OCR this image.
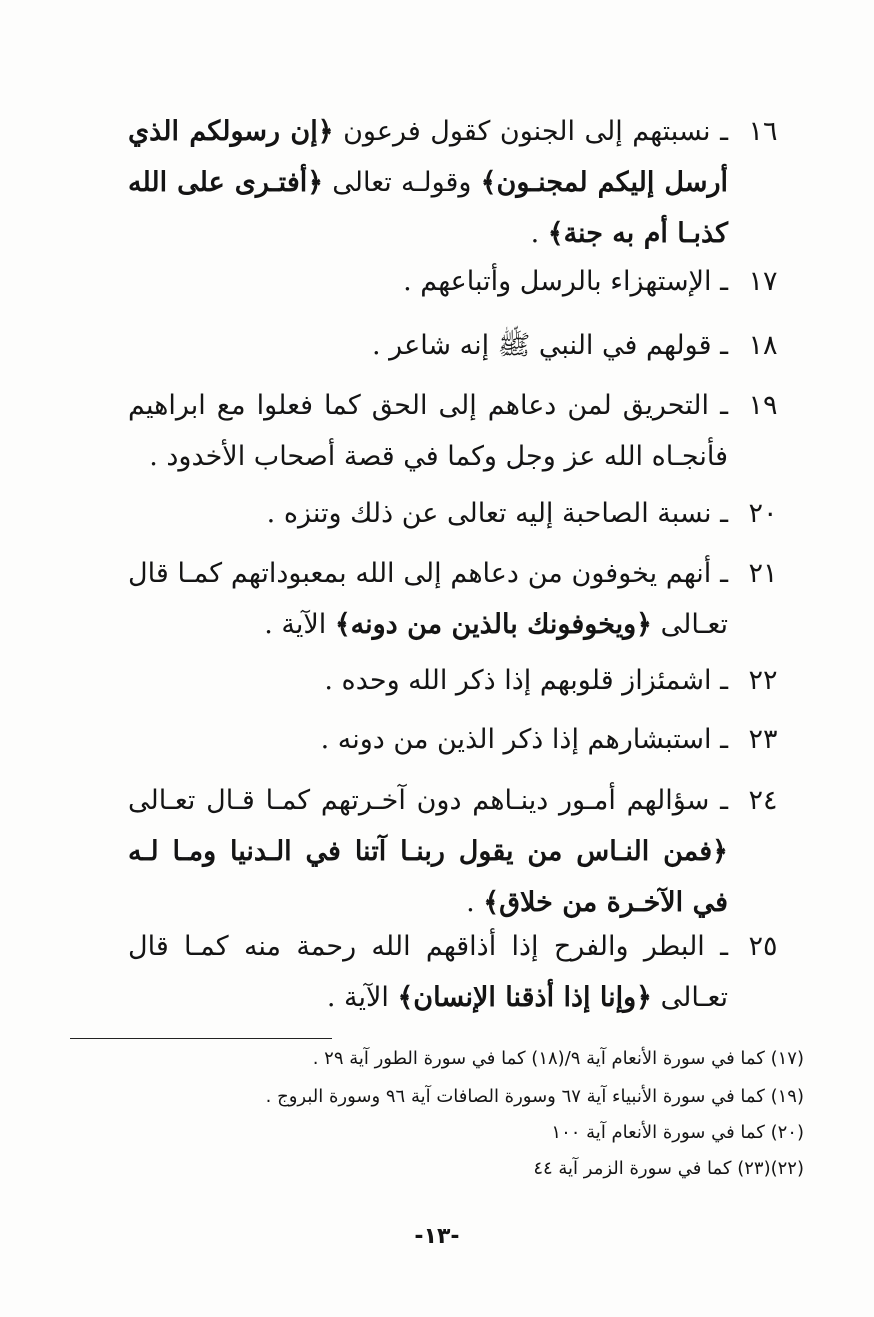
١٦
ـ نسبتهم إلى الجنون كقول فرعون ﴿إن رسولكم الذي أرسل إليكم لمجنـون﴾ وقولـه تعالى ﴿أفتـرى على الله كذبـا أم به جنة﴾ .
١٧
ـ الإستهزاء بالرسل وأتباعهم .
١٨
ـ قولهم في النبي ﷺ إنه شاعر .
١٩
ـ التحريق لمن دعاهم إلى الحق كما فعلوا مع ابراهيم فأنجـاه الله عز وجل وكما في قصة أصحاب الأخدود .
٢٠
ـ نسبة الصاحبة إليه تعالى عن ذلك وتنزه .
٢١
ـ أنهم يخوفون من دعاهم إلى الله بمعبوداتهم كمـا قال تعـالى ﴿ويخوفونك بالذين من دونه﴾ الآية .
٢٢
ـ اشمئزاز قلوبهم إذا ذكر الله وحده .
٢٣
ـ استبشارهم إذا ذكر الذين من دونه .
٢٤
ـ سؤالهم أمـور دينـاهم دون آخـرتهم كمـا قـال تعـالى ﴿فمن النـاس من يقول ربنـا آتنا في الـدنيا ومـا لـه في الآخـرة من خلاق﴾ .
٢٥
ـ البطر والفرح إذا أذاقهم الله رحمة منه كمـا قال تعـالى ﴿وإنا إذا أذقنا الإنسان﴾ الآية .
(١٧) كما في سورة الأنعام آية ٩/(١٨) كما في سورة الطور آية ٢٩ .
(١٩) كما في سورة الأنبياء آية ٦٧ وسورة الصافات آية ٩٦ وسورة البروج .
(٢٠) كما في سورة الأنعام آية ١٠٠
(٢٢)(٢٣) كما في سورة الزمر آية ٤٤
-١٣-
